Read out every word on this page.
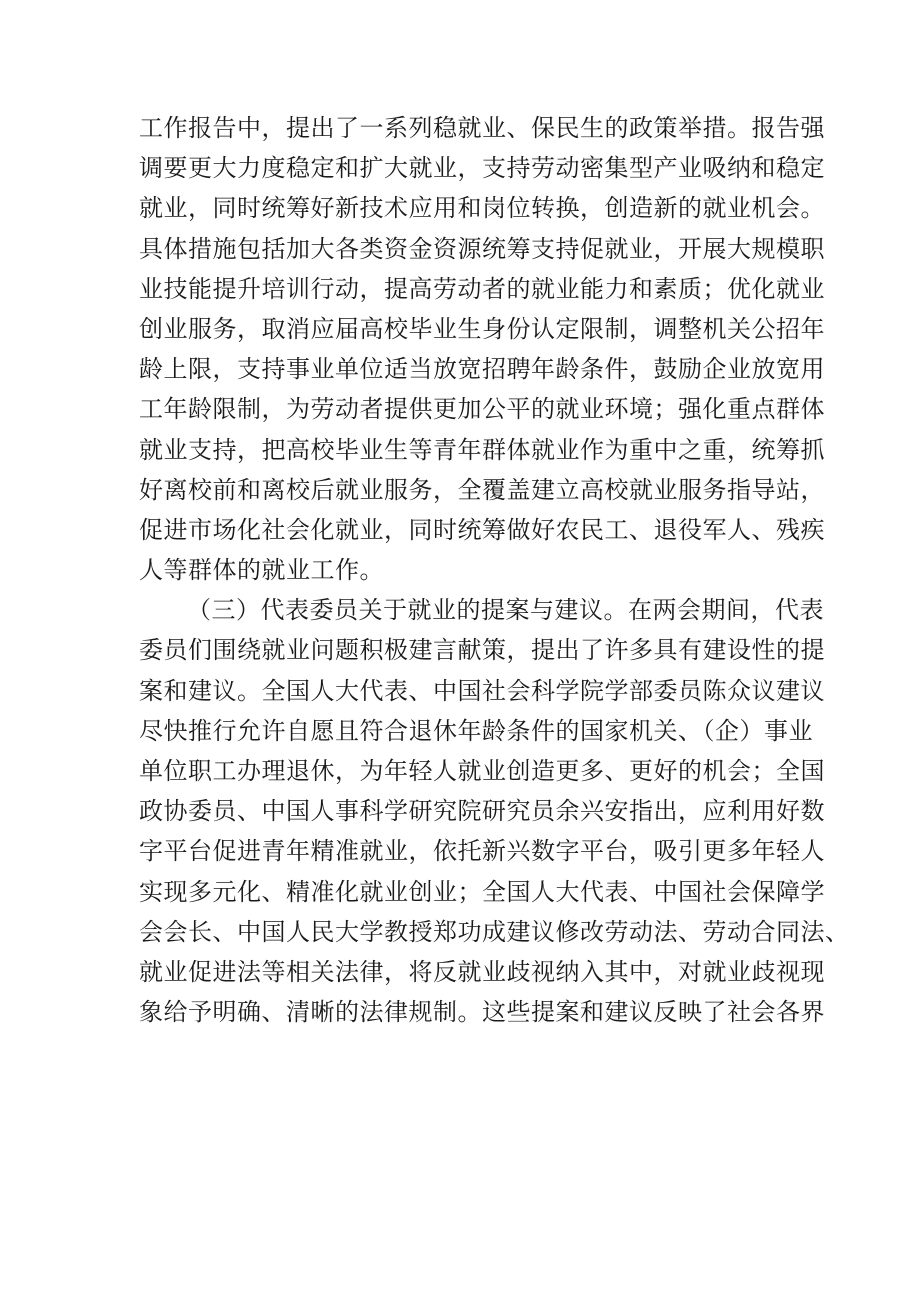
工作报告中，提出了一系列稳就业、保民生的政策举措。报告强
调要更大力度稳定和扩大就业，支持劳动密集型产业吸纳和稳定
就业，同时统筹好新技术应用和岗位转换，创造新的就业机会。
具体措施包括加大各类资金资源统筹支持促就业，开展大规模职
业技能提升培训行动，提高劳动者的就业能力和素质；优化就业
创业服务，取消应届高校毕业生身份认定限制，调整机关公招年
龄上限，支持事业单位适当放宽招聘年龄条件，鼓励企业放宽用
工年龄限制，为劳动者提供更加公平的就业环境；强化重点群体
就业支持，把高校毕业生等青年群体就业作为重中之重，统筹抓
好离校前和离校后就业服务，全覆盖建立高校就业服务指导站，
促进市场化社会化就业，同时统筹做好农民工、退役军人、残疾
人等群体的就业工作。
（三）代表委员关于就业的提案与建议。在两会期间，代表
委员们围绕就业问题积极建言献策，提出了许多具有建设性的提
案和建议。全国人大代表、中国社会科学院学部委员陈众议建议
尽快推行允许自愿且符合退休年龄条件的国家机关、（企）事业
单位职工办理退休，为年轻人就业创造更多、更好的机会；全国
政协委员、中国人事科学研究院研究员余兴安指出，应利用好数
字平台促进青年精准就业，依托新兴数字平台，吸引更多年轻人
实现多元化、精准化就业创业；全国人大代表、中国社会保障学
会会长、中国人民大学教授郑功成建议修改劳动法、劳动合同法、
就业促进法等相关法律，将反就业歧视纳入其中，对就业歧视现
象给予明确、清晰的法律规制。这些提案和建议反映了社会各界
